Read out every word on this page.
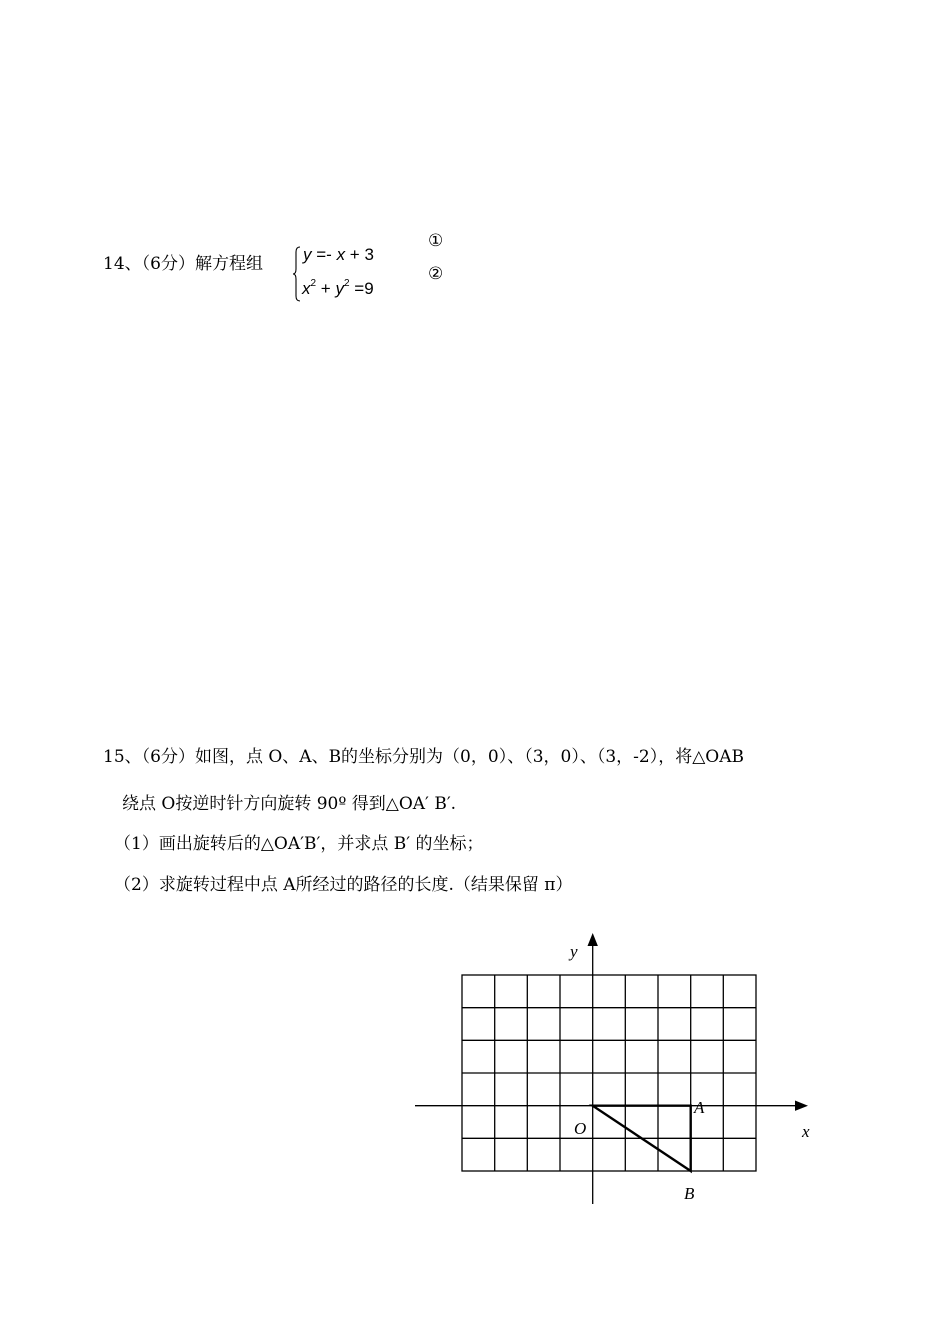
14、（6分）解方程组 y =- x + 3
$x^2 + y^2 =9$
①
②
15、（6分）如图，点 O、A、B的坐标分别为（0，0）、（3，0）、（3，-2），将△OAB
绕点 O按逆时针方向旋转 90º 得到△OA′ B′.
（1）画出旋转后的△OA′B′，并求点 B′ 的坐标；
（2）求旋转过程中点 A所经过的路径的长度.（结果保留 π）
y
x
O
A
B
